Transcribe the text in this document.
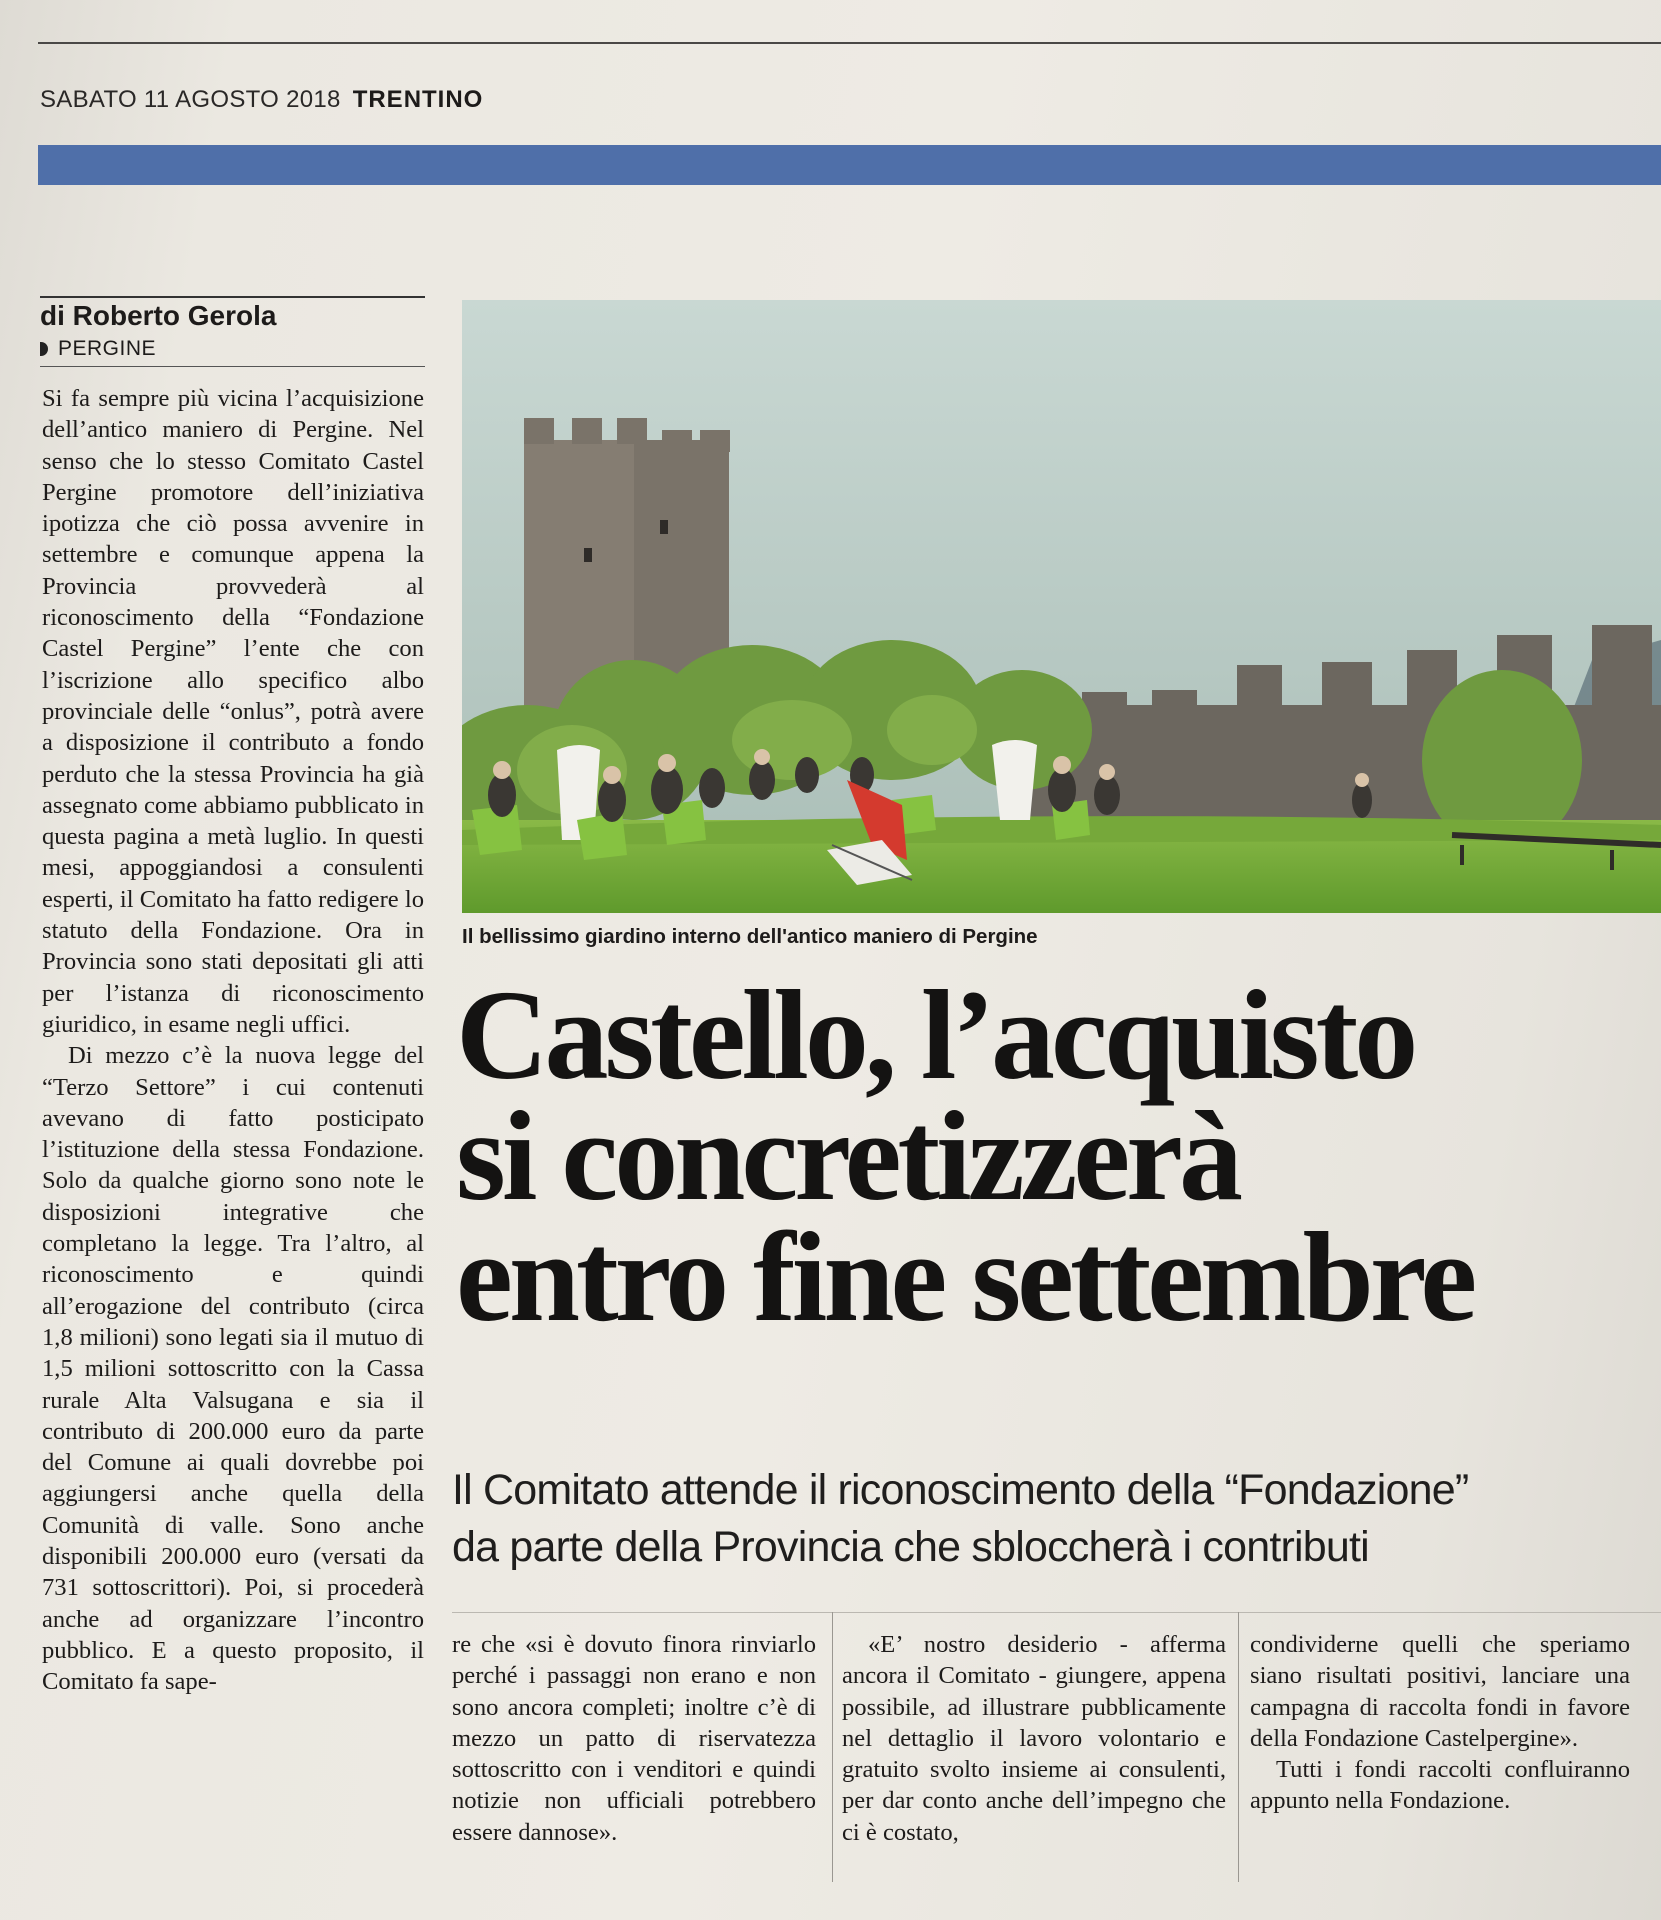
SABATO 11 AGOSTO 2018 TRENTINO
di Roberto Gerola
PERGINE

Si fa sempre più vicina l’acquisizione dell’antico maniero di Pergine. Nel senso che lo stesso Comitato Castel Pergine promotore dell’iniziativa ipotizza che ciò possa avvenire in settembre e comunque appena la Provincia provvederà al riconoscimento della “Fondazione Castel Pergine” l’ente che con l’iscrizione allo specifico albo provinciale delle “onlus”, potrà avere a disposizione il contributo a fondo perduto che la stessa Provincia ha già assegnato come abbiamo pubblicato in questa pagina a metà luglio. In questi mesi, appoggiandosi a consulenti esperti, il Comitato ha fatto redigere lo statuto della Fondazione. Ora in Provincia sono stati depositati gli atti per l’istanza di riconoscimento giuridico, in esame negli uffici.

Di mezzo c’è la nuova legge del “Terzo Settore” i cui contenuti avevano di fatto posticipato l’istituzione della stessa Fondazione. Solo da qualche giorno sono note le disposizioni integrative che completano la legge. Tra l’altro, al riconoscimento e quindi all’erogazione del contributo (circa 1,8 milioni) sono legati sia il mutuo di 1,5 milioni sottoscritto con la Cassa rurale Alta Valsugana e sia il contributo di 200.000 euro da parte del Comune ai quali dovrebbe poi aggiungersi anche quella della Comunità di valle. Sono anche disponibili 200.000 euro (versati da 731 sottoscrittori). Poi, si procederà anche ad organizzare l’incontro pubblico. E a questo proposito, il Comitato fa sape-

Il bellissimo giardino interno dell'antico maniero di Pergine
Castello, l’acquisto
si concretizzerà
entro fine settembre
Il Comitato attende il riconoscimento della “Fondazione”
da parte della Provincia che sbloccherà i contributi

re che «si è dovuto finora rinviarlo perché i passaggi non erano e non sono ancora completi; inoltre c’è di mezzo un patto di riservatezza sottoscritto con i venditori e quindi notizie non ufficiali potrebbero essere dannose».

«E’ nostro desiderio - afferma ancora il Comitato - giungere, appena possibile, ad illustrare pubblicamente nel dettaglio il lavoro volontario e gratuito svolto insieme ai consulenti, per dar conto anche dell’impegno che ci è costato,

condividerne quelli che speriamo siano risultati positivi, lanciare una campagna di raccolta fondi in favore della Fondazione Castelpergine».

Tutti i fondi raccolti confluiranno appunto nella Fondazione.
